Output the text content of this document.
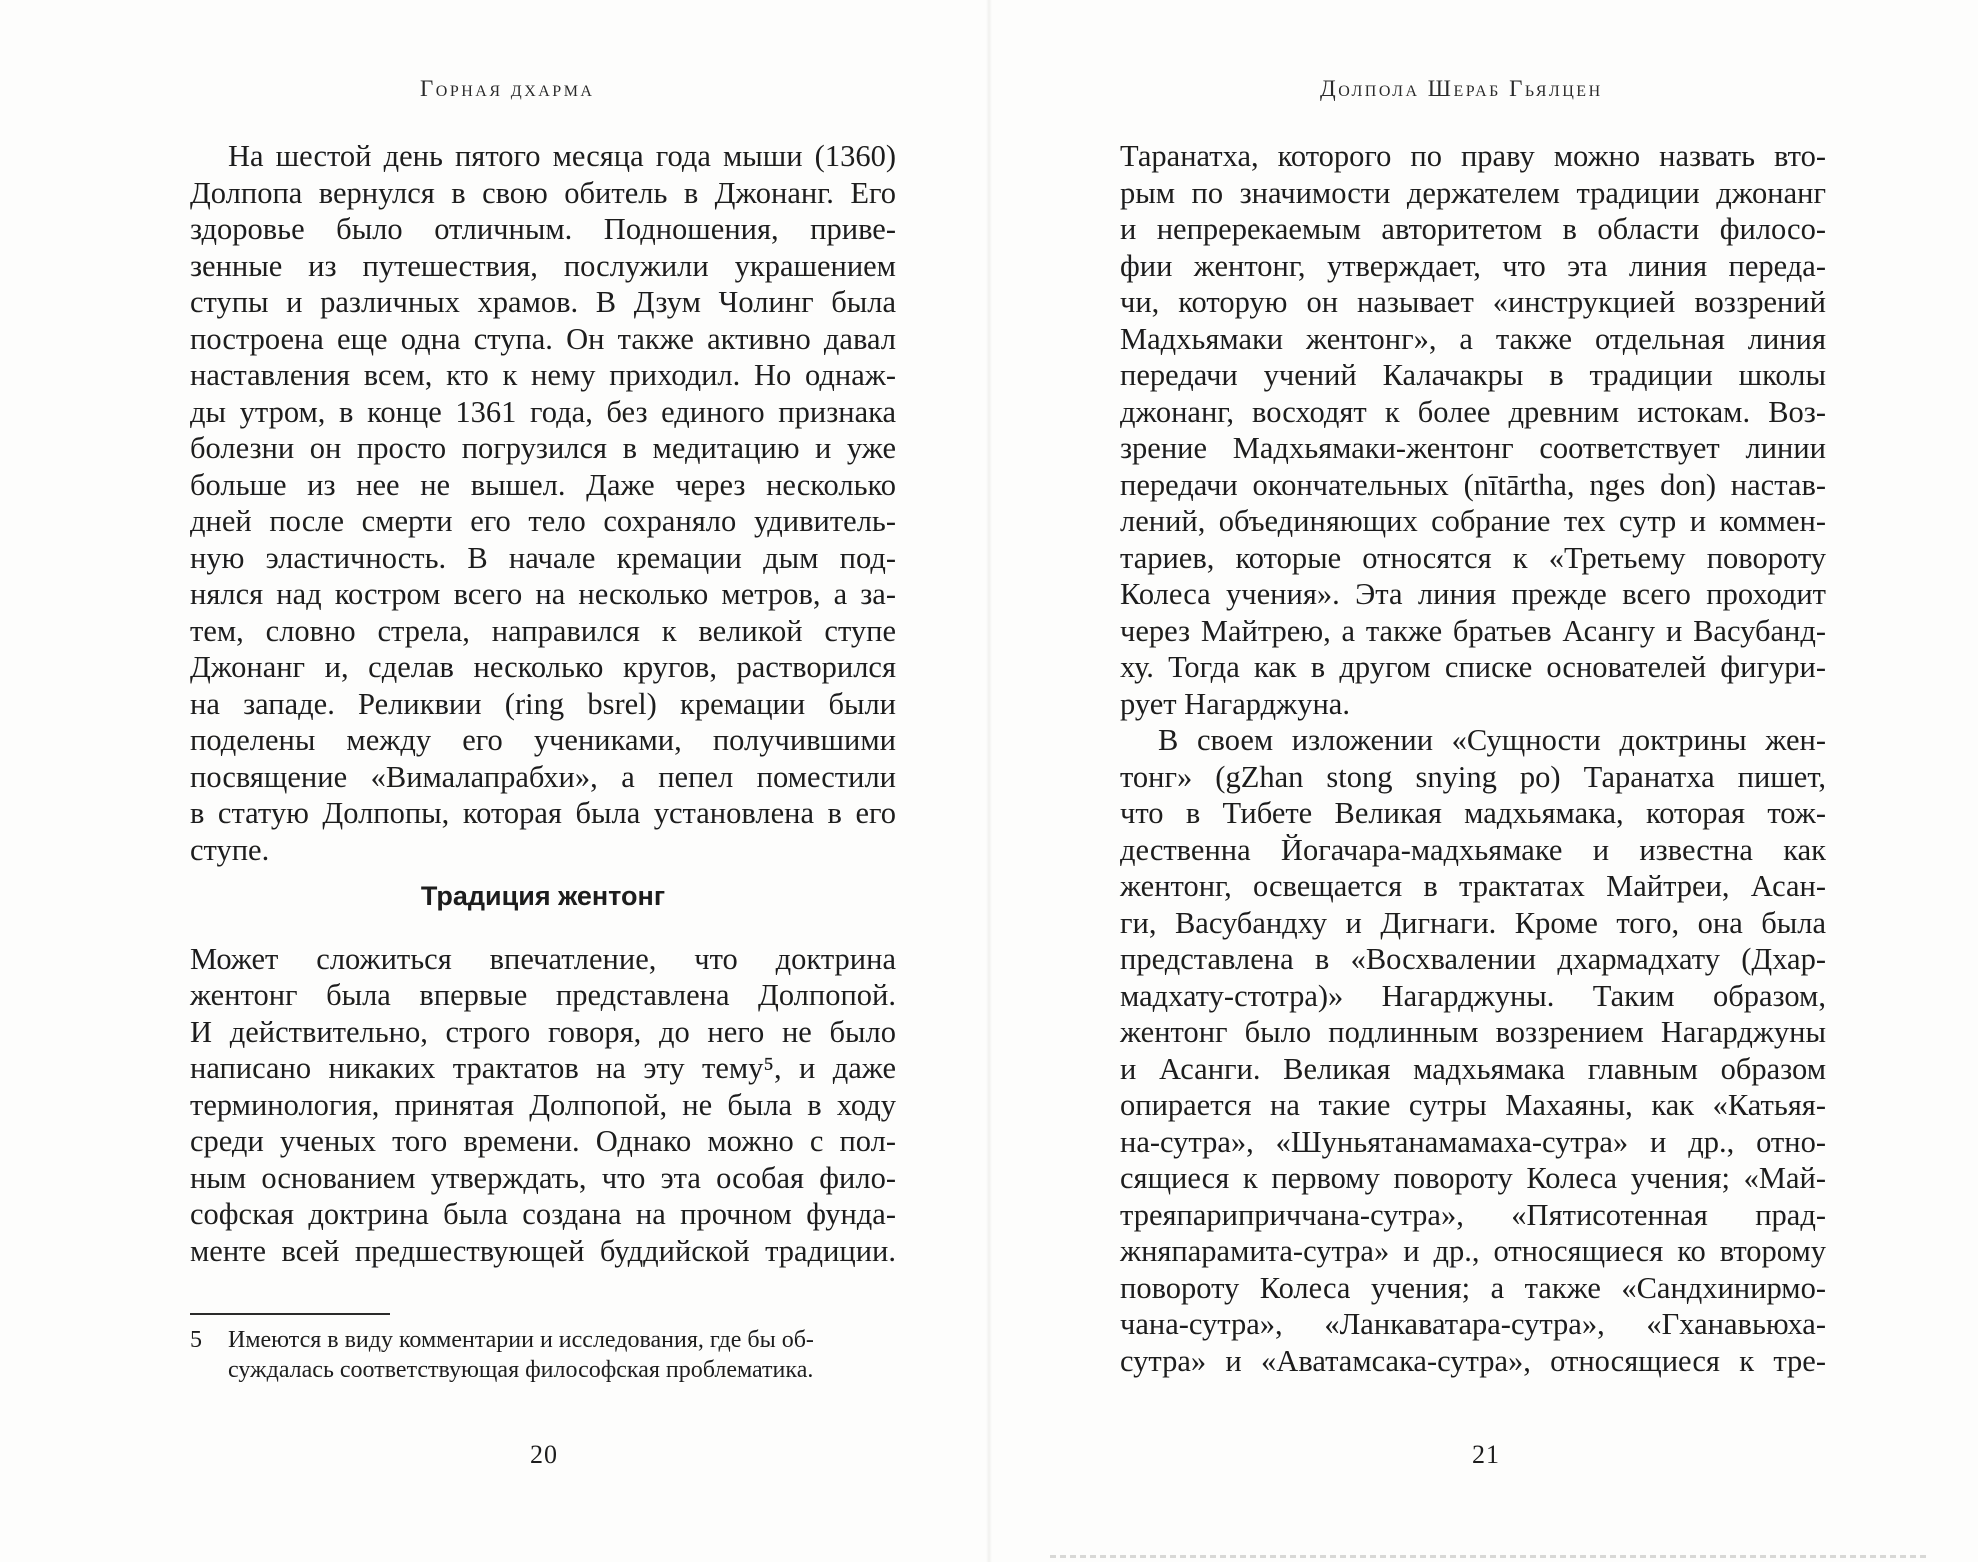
Горная дхарма
На шестой день пятого месяца года мыши (1360)
Долпопа вернулся в свою обитель в Джонанг. Его
здоровье было отличным. Подношения, приве-
зенные из путешествия, послужили украшением
ступы и различных храмов. В Дзум Чолинг была
построена еще одна ступа. Он также активно давал
наставления всем, кто к нему приходил. Но однаж-
ды утром, в конце 1361 года, без единого признака
болезни он просто погрузился в медитацию и уже
больше из нее не вышел. Даже через несколько
дней после смерти его тело сохраняло удивитель-
ную эластичность. В начале кремации дым под-
нялся над костром всего на несколько метров, а за-
тем, словно стрела, направился к великой ступе
Джонанг и, сделав несколько кругов, растворился
на западе. Реликвии (ring bsrel) кремации были
поделены между его учениками, получившими
посвящение «Вималапрабхи», а пепел поместили
в статую Долпопы, которая была установлена в его
ступе.
Традиция жентонг
Может сложиться впечатление, что доктрина
жентонг была впервые представлена Долпопой.
И действительно, строго говоря, до него не было
написано никаких трактатов на эту тему⁵, и даже
терминология, принятая Долпопой, не была в ходу
среди ученых того времени. Однако можно с пол-
ным основанием утверждать, что эта особая фило-
софская доктрина была создана на прочном фунда-
менте всей предшествующей буддийской традиции.
5 Имеются в виду комментарии и исследования, где бы об-
суждалась соответствующая философская проблематика.
20
Долпола Шераб Гьялцен
Таранатха, которого по праву можно назвать вто-
рым по значимости держателем традиции джонанг
и непререкаемым авторитетом в области филосо-
фии жентонг, утверждает, что эта линия переда-
чи, которую он называет «инструкцией воззрений
Мадхьямаки жентонг», а также отдельная линия
передачи учений Калачакры в традиции школы
джонанг, восходят к более древним истокам. Воз-
зрение Мадхьямаки-жентонг соответствует линии
передачи окончательных (nītārtha, nges don) настав-
лений, объединяющих собрание тех сутр и коммен-
тариев, которые относятся к «Третьему повороту
Колеса учения». Эта линия прежде всего проходит
через Майтрею, а также братьев Асангу и Васубанд-
ху. Тогда как в другом списке основателей фигури-
рует Нагарджуна.
В своем изложении «Сущности доктрины жен-
тонг» (gZhan stong snying po) Таранатха пишет,
что в Тибете Великая мадхьямака, которая тож-
дественна Йогачара-мадхьямаке и известна как
жентонг, освещается в трактатах Майтреи, Асан-
ги, Васубандху и Дигнаги. Кроме того, она была
представлена в «Восхвалении дхармадхату (Дхар-
мадхату-стотра)» Нагарджуны. Таким образом,
жентонг было подлинным воззрением Нагарджуны
и Асанги. Великая мадхьямака главным образом
опирается на такие сутры Махаяны, как «Катьяя-
на-сутра», «Шуньятанамамаха-сутра» и др., отно-
сящиеся к первому повороту Колеса учения; «Май-
треяпариприччана-сутра», «Пятисотенная прад-
жняпарамита-сутра» и др., относящиеся ко второму
повороту Колеса учения; а также «Сандхинирмо-
чана-сутра», «Ланкаватара-сутра», «Гханавьюха-
сутра» и «Аватамсака-сутра», относящиеся к тре-
21
